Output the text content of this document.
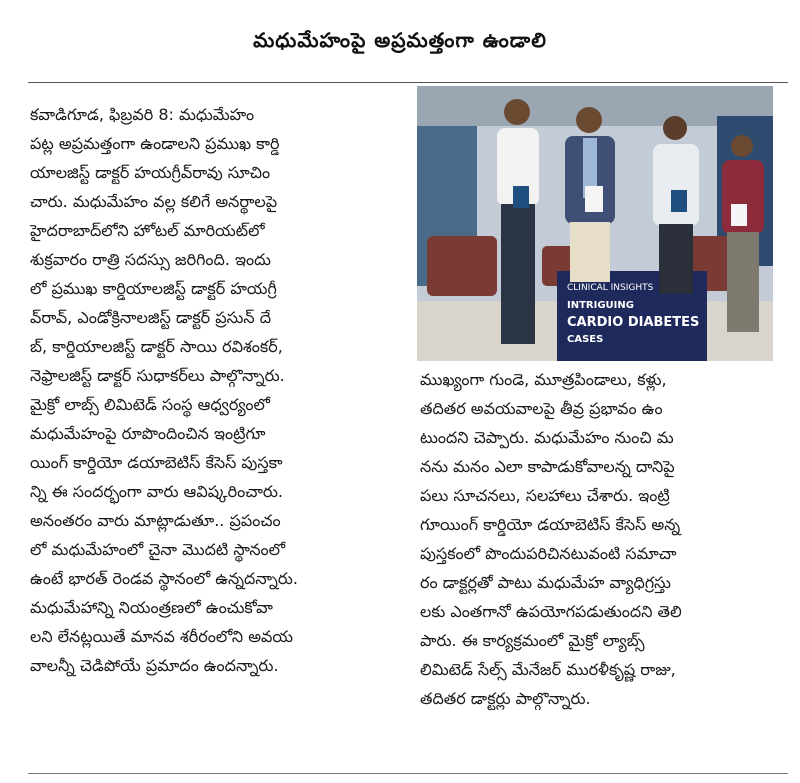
మధుమేహంపై అప్రమత్తంగా ఉండాలి
కవాడిగూడ, ఫిబ్రవరి 8: మధుమేహం
పట్ల అప్రమత్తంగా ఉండాలని ప్రముఖ కార్డి
యాలజిస్ట్ డాక్టర్ హయగ్రీవ్‌రావు సూచిం
చారు. మధుమేహం వల్ల కలిగే అనర్థాలపై
హైదరాబాద్‌లోని హోటల్ మారియట్‌లో
శుక్రవారం రాత్రి సదస్సు జరిగింది. ఇందు
లో ప్రముఖ కార్డియాలజిస్ట్ డాక్టర్ హయగ్రీ
వ్‌రావ్, ఎండోక్రినాలజిస్ట్ డాక్టర్ ప్రసున్ దే
బ్, కార్డియాలజిస్ట్ డాక్టర్ సాయి రవిశంకర్,
నెఫ్రాలజిస్ట్ డాక్టర్ సుధాకర్‌లు పాల్గొన్నారు.
మైక్రో లాబ్స్ లిమిటెడ్ సంస్థ ఆధ్వర్యంలో
మధుమేహంపై రూపొందించిన ఇంట్రిగూ
యింగ్ కార్డియో డయాబెటిస్ కేసెస్ పుస్తకా
న్ని ఈ సందర్భంగా వారు ఆవిష్కరించారు.
అనంతరం వారు మాట్లాడుతూ.. ప్రపంచం
లో మధుమేహంలో చైనా మొదటి స్థానంలో
ఉంటే భారత్ రెండవ స్థానంలో ఉన్నదన్నారు.
మధుమేహాన్ని నియంత్రణలో ఉంచుకోవా
లని లేనట్లయితే మానవ శరీరంలోని అవయ
వాలన్నీ చెడిపోయే ప్రమాదం ఉందన్నారు.
CLINICAL INSIGHTS
INTRIGUING
CARDIO DIABETES
CASES
ముఖ్యంగా గుండె, మూత్రపిండాలు, కళ్లు,
తదితర అవయవాలపై తీవ్ర ప్రభావం ఉం
టుందని చెప్పారు. మధుమేహం నుంచి మ
నను మనం ఎలా కాపాడుకోవాలన్న దానిపై
పలు సూచనలు, సలహాలు చేశారు. ఇంట్రి
గూయింగ్ కార్డియో డయాబెటిస్ కేసెస్ అన్న
పుస్తకంలో పొందుపరిచినటువంటి సమాచా
రం డాక్టర్లతో పాటు మధుమేహ వ్యాధిగ్రస్తు
లకు ఎంతగానో ఉపయోగపడుతుందని తెలి
పారు. ఈ కార్యక్రమంలో మైక్రో ల్యాబ్స్
లిమిటెడ్ సేల్స్ మేనేజర్ మురళీకృష్ణ రాజు,
తదితర డాక్టర్లు పాల్గొన్నారు.
